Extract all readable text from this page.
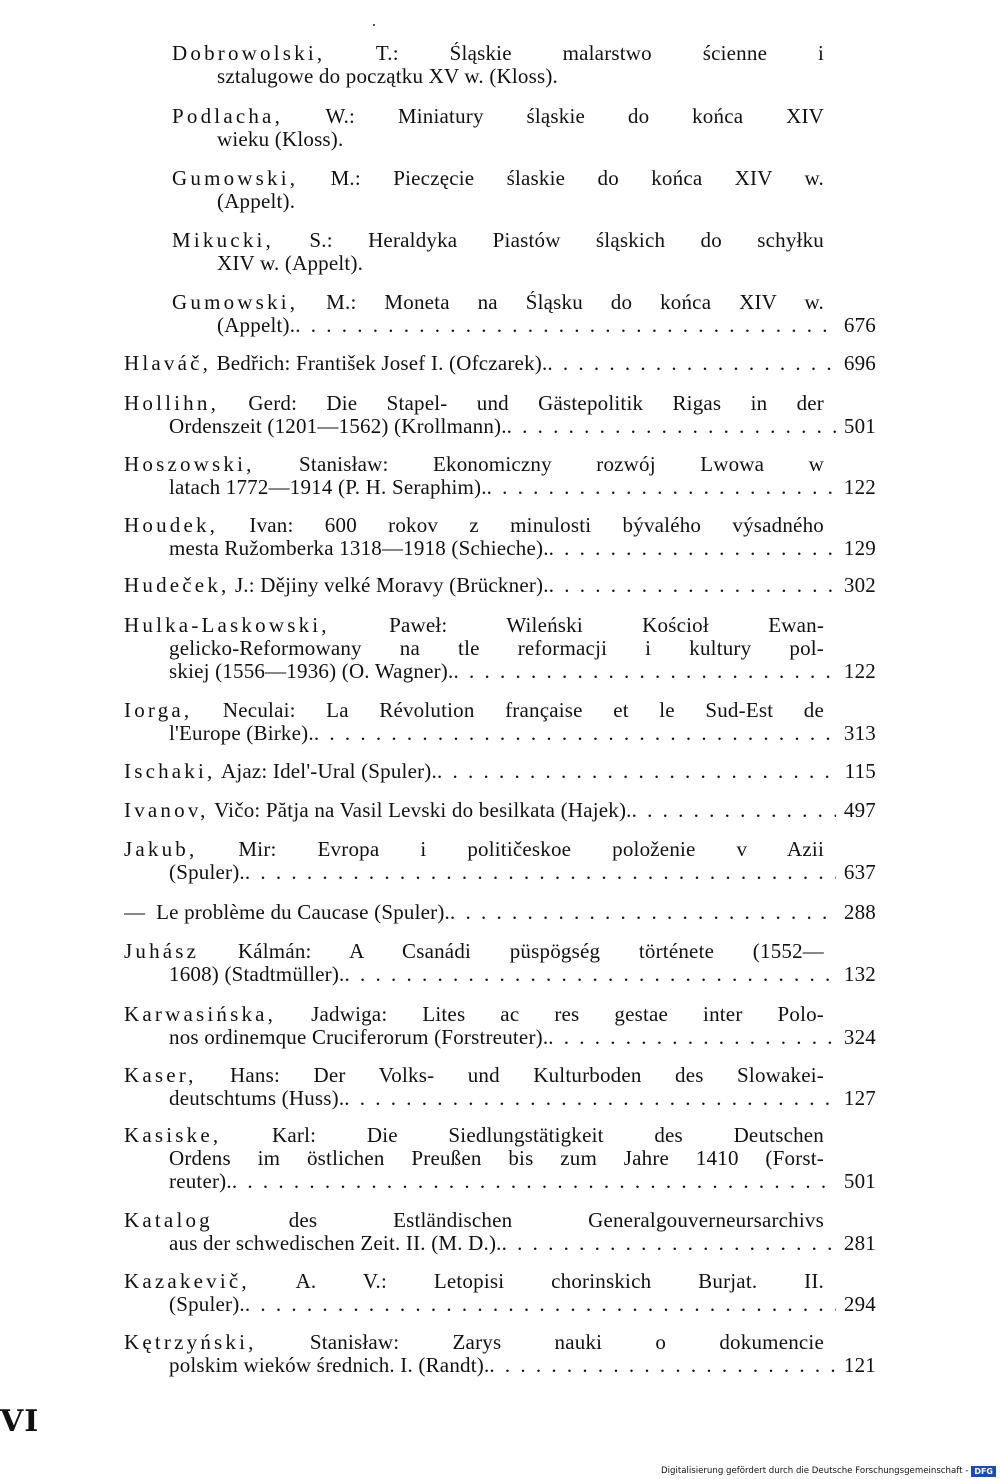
Dobrowolski, T.: Śląskie malarstwo ścienne i
sztalugowe do początku XV w. (Kloss).
Podlacha, W.: Miniatury śląskie do końca XIV
wieku (Kloss).
Gumowski, M.: Pieczęcie ślaskie do końca XIV w.
(Appelt).
Mikucki, S.: Heraldyka Piastów śląskich do schyłku
XIV w. (Appelt).
Gumowski, M.: Moneta na Śląsku do końca XIV w.
(Appelt). . . .	676
Hlaváč,
Bedřich: František Josef I. (Ofczarek). . . .	696
Hollihn, Gerd: Die Stapel- und Gästepolitik Rigas in der
Ordenszeit (1201—1562) (Krollmann). . . .	501
Hoszowski, Stanisław: Ekonomiczny rozwój Lwowa w
latach 1772—1914 (P. H. Seraphim). . . .	122
Houdek, Ivan: 600 rokov z minulosti bývalého výsadného
mesta Ružomberka 1318—1918 (Schieche). . . .	129
Hudeček,
J.: Dějiny velké Moravy (Brückner). . . .	302
Hulka-Laskowski,	Paweł: Wileński Kościoł Ewan-
gelicko-Reformowany na tle reformacji i kultury pol-
skiej (1556—1936) (O. Wagner). . . .	122
Iorga, Neculai: La Révolution française et le Sud-Est de
l'Europe (Birke). . . .	313
Ischaki,
Ajaz: Idel'-Ural (Spuler). . . .	115
Ivanov,
Vičo: Pătja na Vasil Levski do besilkata (Hajek). . . .	497
Jakub, Mir: Evropa i političeskoe položenie v Azii
(Spuler). . . .	637
—
Le problème du Caucase (Spuler). . . .	288
Juhász Kálmán: A Csanádi püspögség története (1552—
1608) (Stadtmüller). . . .	132
Karwasińska, Jadwiga: Lites ac res gestae inter Polo-
nos ordinemque Cruciferorum (Forstreuter). . . .	324
Kaser, Hans: Der Volks- und Kulturboden des Slowakei-
deutschtums (Huss). . . .	127
Kasiske, Karl: Die Siedlungstätigkeit des Deutschen
Ordens im östlichen Preußen bis zum Jahre 1410 (Forst-
reuter). . . .	501
Katalog	des Estländischen Generalgouverneursarchivs
aus der schwedischen Zeit. II. (M. D.). . . .	281
Kazakevič, A. V.: Letopisi chorinskich Burjat. II.
(Spuler). . . .	294
Kętrzyński,	Stanisław: Zarys nauki o dokumencie
polskim wieków średnich. I. (Randt). . . .	121
VI
Digitalisierung gefördert durch die Deutsche Forschungsgemeinschaft - DFG
